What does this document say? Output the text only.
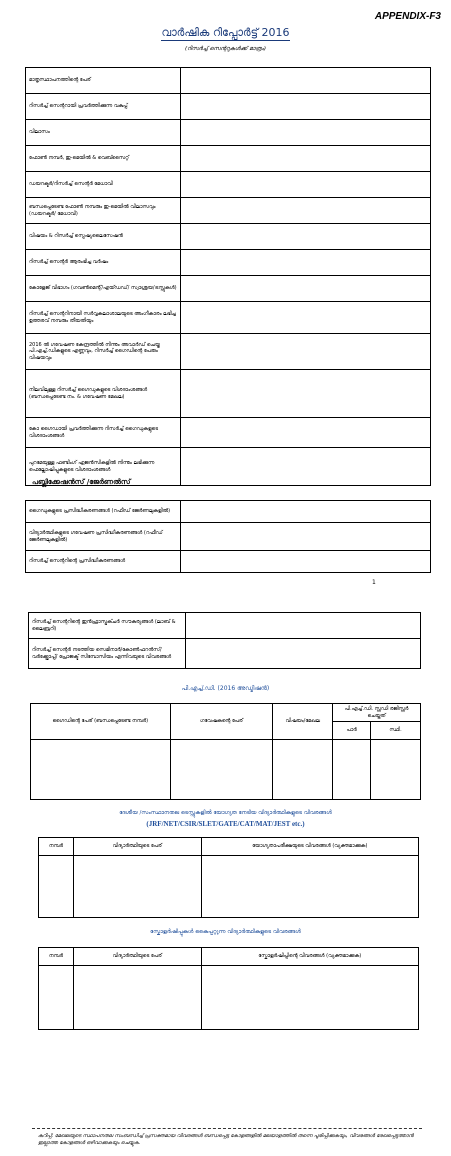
APPENDIX-F3
വാർഷിക റിപ്പോർട്ട് 2016
(റിസർച്ച് സെന്ററുകൾക്ക് മാത്രം)
മാതൃസ്ഥാപനത്തിന്റെ പേര്	
റിസർച്ച് സെന്ററായി പ്രവർത്തിക്കുന്ന വകുപ്പ്	
വിലാസം	
ഫോൺ നമ്പർ, ഇ-മെയിൽ & വെബ്സൈറ്റ്	
ഡയറക്ടർ/റിസർച്ച് സെന്റർ മേധാവി	
ബന്ധപ്പെടേണ്ട ഫോൺ നമ്പരും ഇ-മെയിൽ വിലാസവും (ഡയറക്ടർ/ മേധാവി)	
വിഷയം & റിസർച്ച് സ്പെഷ്യലൈസേഷൻ	
റിസർച്ച് സെന്റർ ആരംഭിച്ച വർഷം	
കോളേജ് വിഭാഗം (ഗവൺമെന്റ്/എയ്ഡഡ്/ സ്വാശ്രയ/ട്രസ്റ്റുകൾ)	
റിസർച്ച് സെന്ററിനായി സർവ്വകലാശാലയുടെ അംഗീകാരം ലഭിച്ച ഉത്തരവ് നമ്പരും തീയതിയും	
2016 ൽ ഗവേഷണ കേന്ദ്രത്തിൽ നിന്നും അവാർഡ് ചെയ്ത പി.എച്ച്.ഡികളുടെ എണ്ണവും, റിസർച്ച് ഗൈഡിന്റെ പേരും വിഷയവും	
നിലവിലുള്ള റിസർച്ച് ഗൈഡുകളുടെ വിശദാംശങ്ങൾ (ബന്ധപ്പെടേണ്ട നം. & ഗവേഷണ മേഖല)	
കോ ഗൈഡായി പ്രവർത്തിക്കുന്ന റിസർച്ച് ഗൈഡുകളുടെ വിശദാംശങ്ങൾ	
പുറമേയുള്ള ഫണ്ടിംഗ് ഏജൻസികളിൽ നിന്നും ലഭിക്കുന്ന ഫെല്ലോഷിപ്പുകളുടെ വിശദാംശങ്ങൾ	
പബ്ലിക്കേഷൻസ് /ജേർണൽസ്
ഗൈഡുകളുടെ പ്രസിദ്ധീകരണങ്ങൾ (റഫീഡ് ജേർണലുകളിൽ)	
വിദ്യാർത്ഥികളുടെ ഗവേഷണ പ്രസിദ്ധീകരണങ്ങൾ (റഫീഡ് ജേർണലുകളിൽ)	
റിസർച്ച് സെന്ററിന്റെ പ്രസിദ്ധീകരണങ്ങൾ	
1
റിസർച്ച് സെന്ററിന്റെ ഇൻഫ്രാസ്ട്രക്ചർ സൗകര്യങ്ങൾ (ലാബ് & ലൈബ്രറി)	
റിസർച്ച് സെന്റർ നടത്തിയ സെമിനാർ/കോൺഫറൻസ്/വർക്ക്ഷോപ്പ്/ പ്രോജക്ട് സിമ്പോസിയം എന്നിവയുടെ വിവരങ്ങൾ	
പി.എച്ച്.ഡി. (2016 അഡ്മിഷൻ)
ഗൈഡിന്റെ പേര് (ബന്ധപ്പെടേണ്ട നമ്പർ)	ഗവേഷകന്റെ പേര്	വിഷയം/മേഖല	പി.എച്ച്.ഡി. സ്റ്റഡി രജിസ്റ്റർ ചെയ്തത്	
			പാർ	സ്ഥി.

ദേശീയ /സംസ്ഥാനതല ടെസ്റ്റുകളിൽ യോഗ്യത നേടിയ വിദ്യാർത്ഥികളുടെ വിവരങ്ങൾ
(JRF/NET/CSIR/SLET/GATE/CAT/MAT/JEST etc.)
നമ്പർ	വിദ്യാർത്ഥിയുടെ പേര്	യോഗ്യതാപരീക്ഷയുടെ വിവരങ്ങൾ (വ്യക്തമാക്കുക)

സ്കോളർഷിപ്പുകൾ കൈപ്പറ്റുന്ന വിദ്യാർത്ഥികളുടെ വിവരങ്ങൾ
നമ്പർ	വിദ്യാർത്ഥിയുടെ പേര്	സ്കോളർഷിപ്പിന്റെ വിവരങ്ങൾ (വ്യക്തമാക്കുക)

കുറിപ്പ്: മേഖലയുടെ സ്ഥാപനതല സംബന്ധിച്ച് പ്രസക്തമായ വിവരങ്ങൾ ബന്ധപ്പെട്ട കോളങ്ങളിൽ മലയാളത്തിൽ തന്നെ പൂരിപ്പിക്കുകയും, വിവരങ്ങൾ രേഖപ്പെടുത്താൻ ഇല്ലാത്ത കോളങ്ങൾ ഒഴിവാക്കുകയും ചെയ്യുക.
